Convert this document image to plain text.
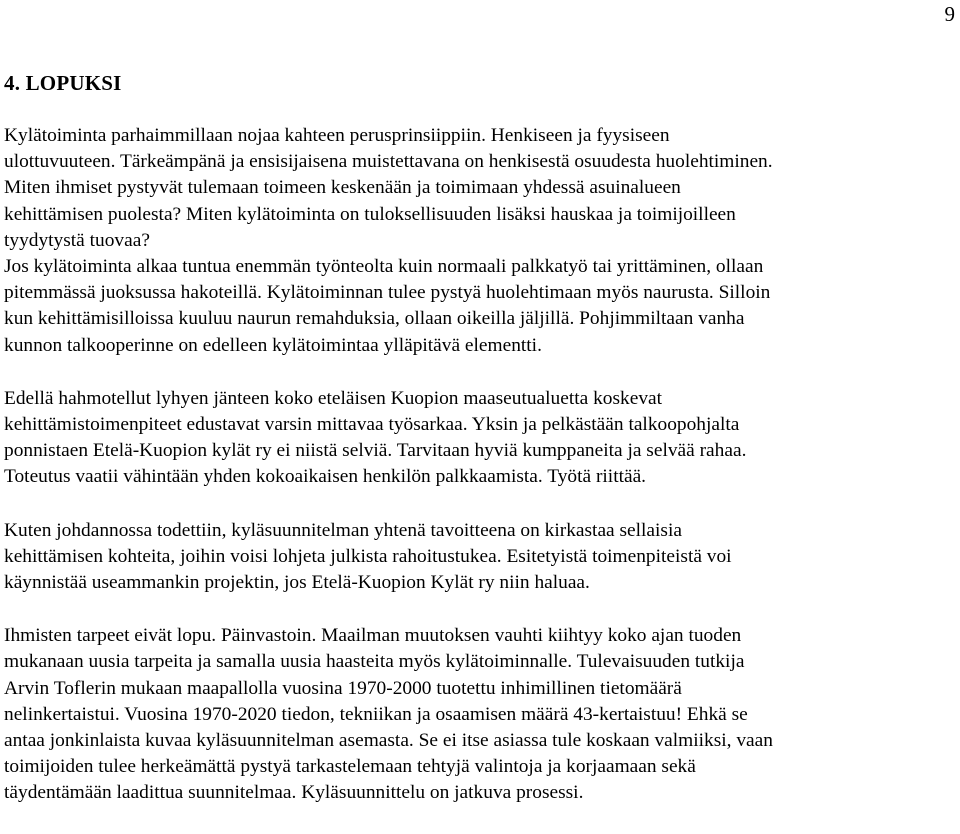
9
4. LOPUKSI
Kylätoiminta parhaimmillaan nojaa kahteen perusprinsiippiin. Henkiseen ja fyysiseen
ulottuvuuteen. Tärkeämpänä ja ensisijaisena muistettavana on henkisestä osuudesta huolehtiminen.
Miten ihmiset pystyvät tulemaan toimeen keskenään ja toimimaan yhdessä asuinalueen
kehittämisen puolesta? Miten kylätoiminta on tuloksellisuuden lisäksi hauskaa ja toimijoilleen
tyydytystä tuovaa?
Jos kylätoiminta alkaa tuntua enemmän työnteolta kuin normaali palkkatyö tai yrittäminen, ollaan
pitemmässä juoksussa hakoteillä. Kylätoiminnan tulee pystyä huolehtimaan myös naurusta. Silloin
kun kehittämisilloissa kuuluu naurun remahduksia, ollaan oikeilla jäljillä. Pohjimmiltaan vanha
kunnon talkooperinne on edelleen kylätoimintaa ylläpitävä elementti.
Edellä hahmotellut lyhyen jänteen koko eteläisen Kuopion maaseutualuetta koskevat
kehittämistoimenpiteet edustavat varsin mittavaa työsarkaa. Yksin ja pelkästään talkoopohjalta
ponnistaen Etelä-Kuopion kylät ry ei niistä selviä. Tarvitaan hyviä kumppaneita ja selvää rahaa.
Toteutus vaatii vähintään yhden kokoaikaisen henkilön palkkaamista. Työtä riittää.
Kuten johdannossa todettiin, kyläsuunnitelman yhtenä tavoitteena on kirkastaa sellaisia
kehittämisen kohteita, joihin voisi lohjeta julkista rahoitustukea. Esitetyistä toimenpiteistä voi
käynnistää useammankin projektin, jos Etelä-Kuopion Kylät ry niin haluaa.
Ihmisten tarpeet eivät lopu. Päinvastoin. Maailman muutoksen vauhti kiihtyy koko ajan tuoden
mukanaan uusia tarpeita ja samalla uusia haasteita myös kylätoiminnalle. Tulevaisuuden tutkija
Arvin Toflerin mukaan maapallolla vuosina 1970-2000 tuotettu inhimillinen tietomäärä
nelinkertaistui. Vuosina 1970-2020 tiedon, tekniikan ja osaamisen määrä 43-kertaistuu! Ehkä se
antaa jonkinlaista kuvaa kyläsuunnitelman asemasta. Se ei itse asiassa tule koskaan valmiiksi, vaan
toimijoiden tulee herkeämättä pystyä tarkastelemaan tehtyjä valintoja ja korjaamaan sekä
täydentämään laadittua suunnitelmaa. Kyläsuunnittelu on jatkuva prosessi.
